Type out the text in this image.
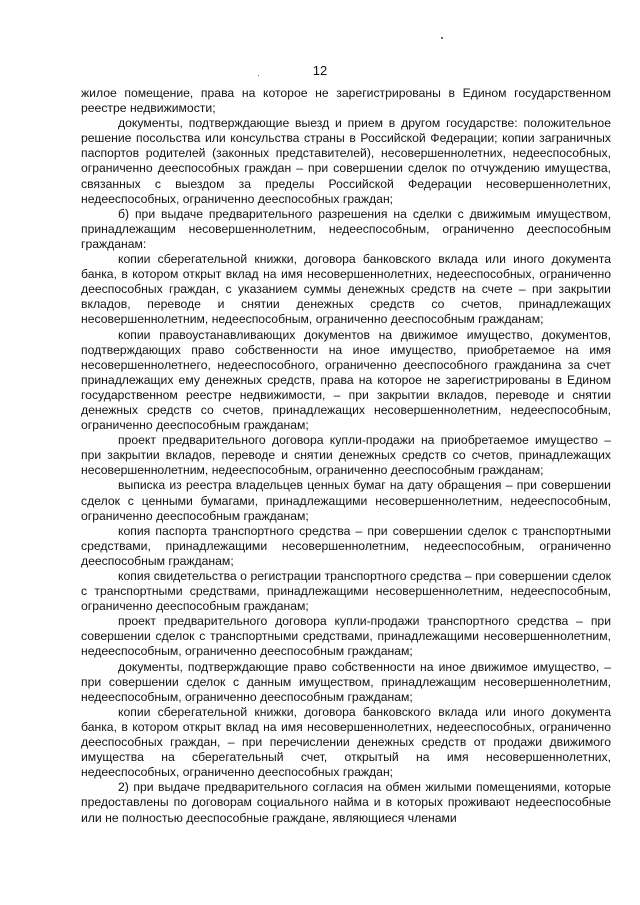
12

жилое помещение, права на которое не зарегистрированы в Едином государственном реестре недвижимости;

документы, подтверждающие выезд и прием в другом государстве: положительное решение посольства или консульства страны в Российской Федерации; копии заграничных паспортов родителей (законных представителей), несовершеннолетних, недееспособных, ограниченно дееспособных граждан – при совершении сделок по отчуждению имущества, связанных с выездом за пределы Российской Федерации несовершеннолетних, недееспособных, ограниченно дееспособных граждан;

б) при выдаче предварительного разрешения на сделки с движимым имуществом, принадлежащим несовершеннолетним, недееспособным, ограниченно дееспособным гражданам:

копии сберегательной книжки, договора банковского вклада или иного документа банка, в котором открыт вклад на имя несовершеннолетних, недееспособных, ограниченно дееспособных граждан, с указанием суммы денежных средств на счете – при закрытии вкладов, переводе и снятии денежных средств со счетов, принадлежащих несовершеннолетним, недееспособным, ограниченно дееспособным гражданам;

копии правоустанавливающих документов на движимое имущество, документов, подтверждающих право собственности на иное имущество, приобретаемое на имя несовершеннолетнего, недееспособного, ограниченно дееспособного гражданина за счет принадлежащих ему денежных средств, права на которое не зарегистрированы в Едином государственном реестре недвижимости, – при закрытии вкладов, переводе и снятии денежных средств со счетов, принадлежащих несовершеннолетним, недееспособным, ограниченно дееспособным гражданам;

проект предварительного договора купли-продажи на приобретаемое имущество – при закрытии вкладов, переводе и снятии денежных средств со счетов, принадлежащих несовершеннолетним, недееспособным, ограниченно дееспособным гражданам;

выписка из реестра владельцев ценных бумаг на дату обращения – при совершении сделок с ценными бумагами, принадлежащими несовершеннолетним, недееспособным, ограниченно дееспособным гражданам;

копия паспорта транспортного средства – при совершении сделок с транспортными средствами, принадлежащими несовершеннолетним, недееспособным, ограниченно дееспособным гражданам;

копия свидетельства о регистрации транспортного средства – при совершении сделок с транспортными средствами, принадлежащими несовершеннолетним, недееспособным, ограниченно дееспособным гражданам;

проект предварительного договора купли-продажи транспортного средства – при совершении сделок с транспортными средствами, принадлежащими несовершеннолетним, недееспособным, ограниченно дееспособным гражданам;

документы, подтверждающие право собственности на иное движимое имущество, – при совершении сделок с данным имуществом, принадлежащим несовершеннолетним, недееспособным, ограниченно дееспособным гражданам;

копии сберегательной книжки, договора банковского вклада или иного документа банка, в котором открыт вклад на имя несовершеннолетних, недееспособных, ограниченно дееспособных граждан, – при перечислении денежных средств от продажи движимого имущества на сберегательный счет, открытый на имя несовершеннолетних, недееспособных, ограниченно дееспособных граждан;

2) при выдаче предварительного согласия на обмен жилыми помещениями, которые предоставлены по договорам социального найма и в которых проживают недееспособные или не полностью дееспособные граждане, являющиеся членами
